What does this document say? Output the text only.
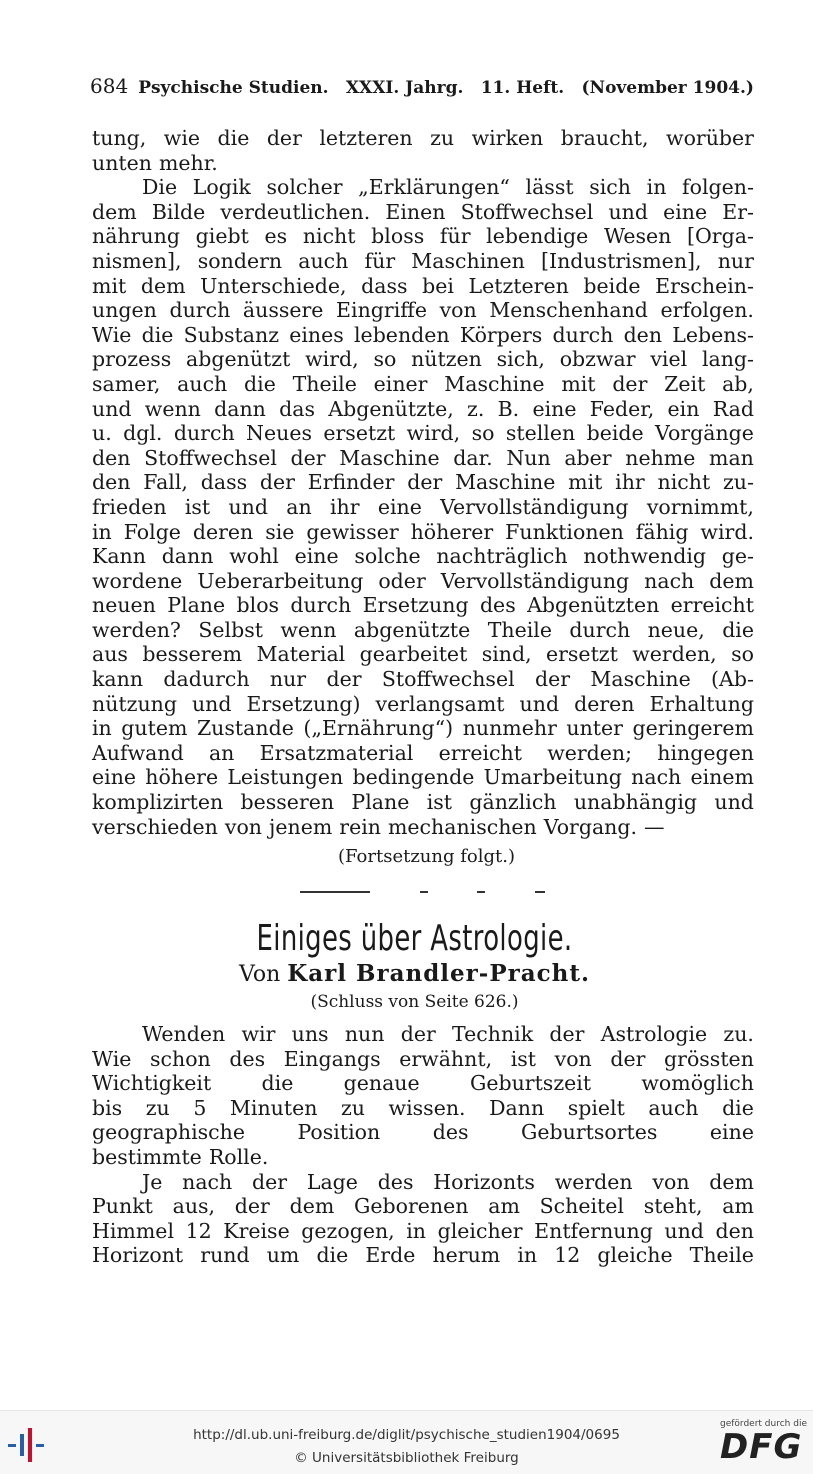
684 Psychische Studien. XXXI. Jahrg. 11. Heft. (November 1904.)
tung, wie die der letzteren zu wirken braucht, worüber
unten mehr.
Die Logik solcher „Erklärungen“ lässt sich in folgen-
dem Bilde verdeutlichen. Einen Stoffwechsel und eine Er-
nährung giebt es nicht bloss für lebendige Wesen [Orga-
nismen], sondern auch für Maschinen [Industrismen], nur
mit dem Unterschiede, dass bei Letzteren beide Erschein-
ungen durch äussere Eingriffe von Menschenhand erfolgen.
Wie die Substanz eines lebenden Körpers durch den Lebens-
prozess abgenützt wird, so nützen sich, obzwar viel lang-
samer, auch die Theile einer Maschine mit der Zeit ab,
und wenn dann das Abgenützte, z. B. eine Feder, ein Rad
u. dgl. durch Neues ersetzt wird, so stellen beide Vorgänge
den Stoffwechsel der Maschine dar. Nun aber nehme man
den Fall, dass der Erfinder der Maschine mit ihr nicht zu-
frieden ist und an ihr eine Vervollständigung vornimmt,
in Folge deren sie gewisser höherer Funktionen fähig wird.
Kann dann wohl eine solche nachträglich nothwendig ge-
wordene Ueberarbeitung oder Vervollständigung nach dem
neuen Plane blos durch Ersetzung des Abgenützten erreicht
werden? Selbst wenn abgenützte Theile durch neue, die
aus besserem Material gearbeitet sind, ersetzt werden, so
kann dadurch nur der Stoffwechsel der Maschine (Ab-
nützung und Ersetzung) verlangsamt und deren Erhaltung
in gutem Zustande („Ernährung“) nunmehr unter geringerem
Aufwand an Ersatzmaterial erreicht werden; hingegen
eine höhere Leistungen bedingende Umarbeitung nach einem
komplizirten besseren Plane ist gänzlich unabhängig und
verschieden von jenem rein mechanischen Vorgang. —
(Fortsetzung folgt.)
Einiges über Astrologie.
Von Karl Brandler-Pracht.
(Schluss von Seite 626.)
Wenden wir uns nun der Technik der Astrologie zu.
Wie schon des Eingangs erwähnt, ist von der grössten
Wichtigkeit die genaue Geburtszeit womöglich
bis zu 5 Minuten zu wissen. Dann spielt auch die
geographische	Position	des	Geburtsortes	eine
bestimmte Rolle.
Je nach der Lage des Horizonts werden von dem
Punkt aus, der dem Geborenen am Scheitel steht, am
Himmel 12 Kreise gezogen, in gleicher Entfernung und den
Horizont rund um die Erde herum in 12 gleiche Theile
http://dl.ub.uni-freiburg.de/diglit/psychische_studien1904/0695
© Universitätsbibliothek Freiburg
gefördert durch die
DFG
